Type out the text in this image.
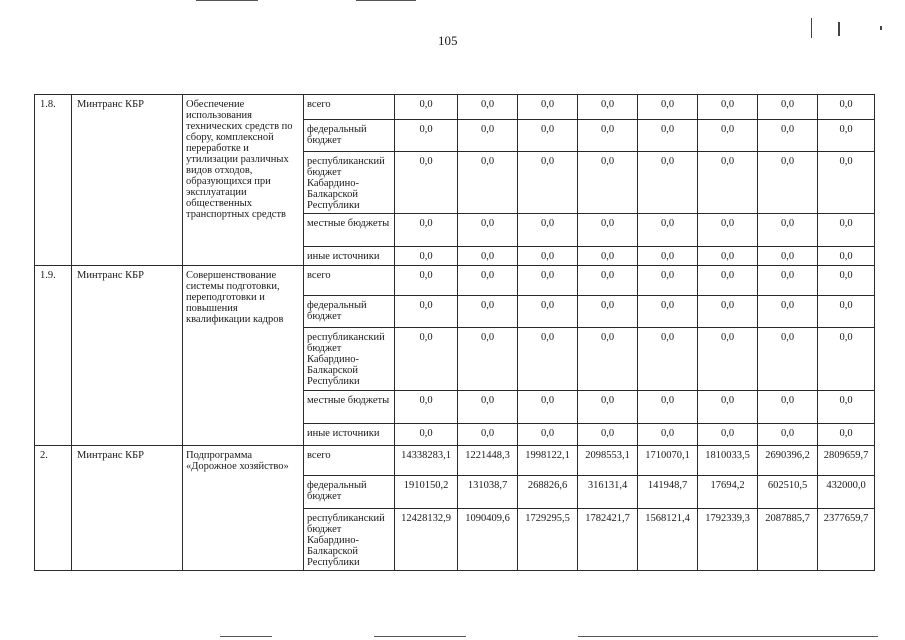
105
1.8.	Минтранс КБР	Обеспечение использования технических средств по сбору, комплексной переработке и утилизации различных видов отходов, образующихся при эксплуатации общественных транспортных средств	всего	0,0	0,0	0,0	0,0	0,0	0,0	0,0	0,0
			федеральный бюджет	0,0	0,0	0,0	0,0	0,0	0,0	0,0	0,0
			республиканский бюджет Кабардино-Балкарской Республики	0,0	0,0	0,0	0,0	0,0	0,0	0,0	0,0
			местные бюджеты	0,0	0,0	0,0	0,0	0,0	0,0	0,0	0,0
			иные источники	0,0	0,0	0,0	0,0	0,0	0,0	0,0	0,0
1.9.	Минтранс КБР	Совершенствование системы подготовки, переподготовки и повышения квалификации кадров	всего	0,0	0,0	0,0	0,0	0,0	0,0	0,0	0,0
			федеральный бюджет	0,0	0,0	0,0	0,0	0,0	0,0	0,0	0,0
			республиканский бюджет Кабардино-Балкарской Республики	0,0	0,0	0,0	0,0	0,0	0,0	0,0	0,0
			местные бюджеты	0,0	0,0	0,0	0,0	0,0	0,0	0,0	0,0
			иные источники	0,0	0,0	0,0	0,0	0,0	0,0	0,0	0,0
2.	Минтранс КБР	Подпрограмма «Дорожное хозяйство»	всего	14338283,1	1221448,3	1998122,1	2098553,1	1710070,1	1810033,5	2690396,2	2809659,7
			федеральный бюджет	1910150,2	131038,7	268826,6	316131,4	141948,7	17694,2	602510,5	432000,0
			республиканский бюджет Кабардино-Балкарской Республики	12428132,9	1090409,6	1729295,5	1782421,7	1568121,4	1792339,3	2087885,7	2377659,7
